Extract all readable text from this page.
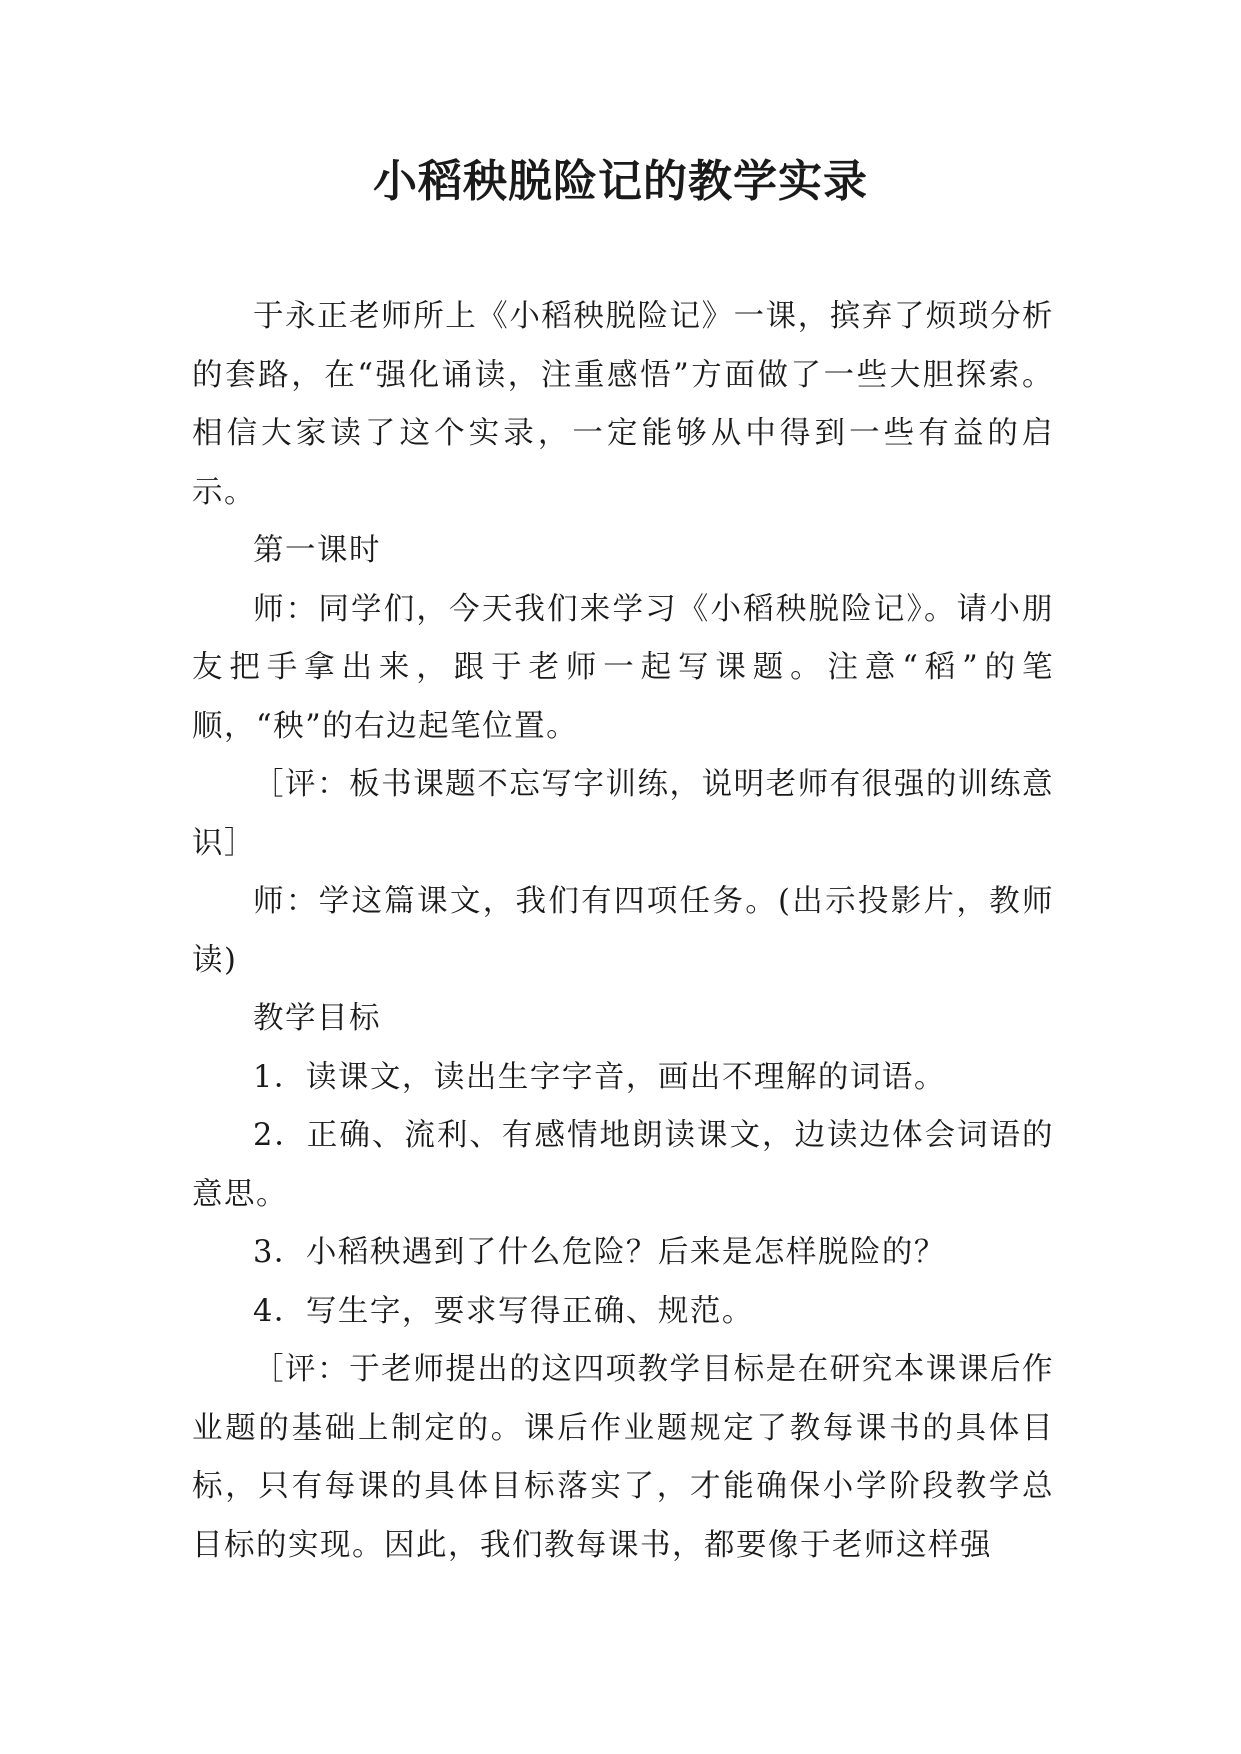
小稻秧脱险记的教学实录

于永正老师所上《小稻秧脱险记》一课，摈弃了烦琐分析的套路，在“强化诵读，注重感悟”方面做了一些大胆探索。相信大家读了这个实录，一定能够从中得到一些有益的启示。

第一课时

师：同学们，今天我们来学习《小稻秧脱险记》。请小朋友把手拿出来，跟于老师一起写课题。注意“稻”的笔顺，“秧”的右边起笔位置。

［评：板书课题不忘写字训练，说明老师有很强的训练意识］

师：学这篇课文，我们有四项任务。(出示投影片，教师读)

教学目标

1．读课文，读出生字字音，画出不理解的词语。

2．正确、流利、有感情地朗读课文，边读边体会词语的意思。

3．小稻秧遇到了什么危险？后来是怎样脱险的？

4．写生字，要求写得正确、规范。

［评：于老师提出的这四项教学目标是在研究本课课后作业题的基础上制定的。课后作业题规定了教每课书的具体目标，只有每课的具体目标落实了，才能确保小学阶段教学总目标的实现。因此，我们教每课书，都要像于老师这样强
